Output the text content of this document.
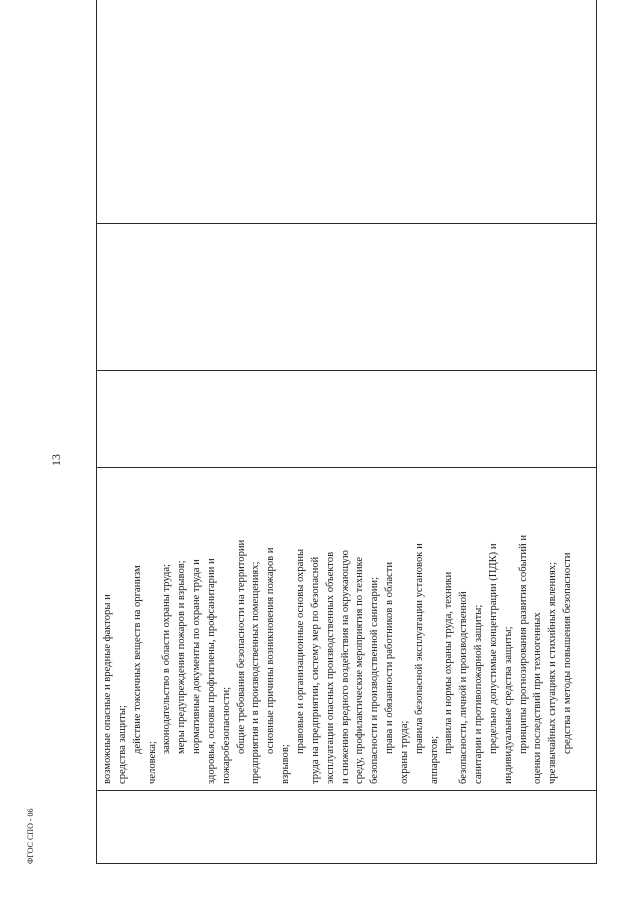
13

возможные опасные и вредные факторы и средства защиты; действие токсичных веществ на организм

человека;

законодательство в области охраны труда; меры предупреждения пожаров и взрывов; нормативные документы по охране труда и здоровья, основы профгигиены, профсанитарии и пожаробезопасности; общие требования безопасности на территории предприятия и в производственных помещениях; основные причины возникновения пожаров и

взрывов;

правовые и организационные основы охраны труда на предприятии, систему мер по безопасной эксплуатации опасных производственных объектов и снижению вредного воздействия на окружающую среду, профилактические мероприятия по технике безопасности и производственной санитарии; права и обязанности работников в области охраны труда; правила безопасной эксплуатации установок и

аппаратов;

правила и нормы охраны труда, техники безопасности, личной и производственной санитарии и противопожарной защиты; предельно допустимые концентрации (ПДК) и индивидуальные средства защиты; принципы прогнозирования развития событий и оценки последствий при техногенных чрезвычайных ситуациях и стихийных явлениях; средства и методы повышения безопасности

ФГОС СПО - 06
